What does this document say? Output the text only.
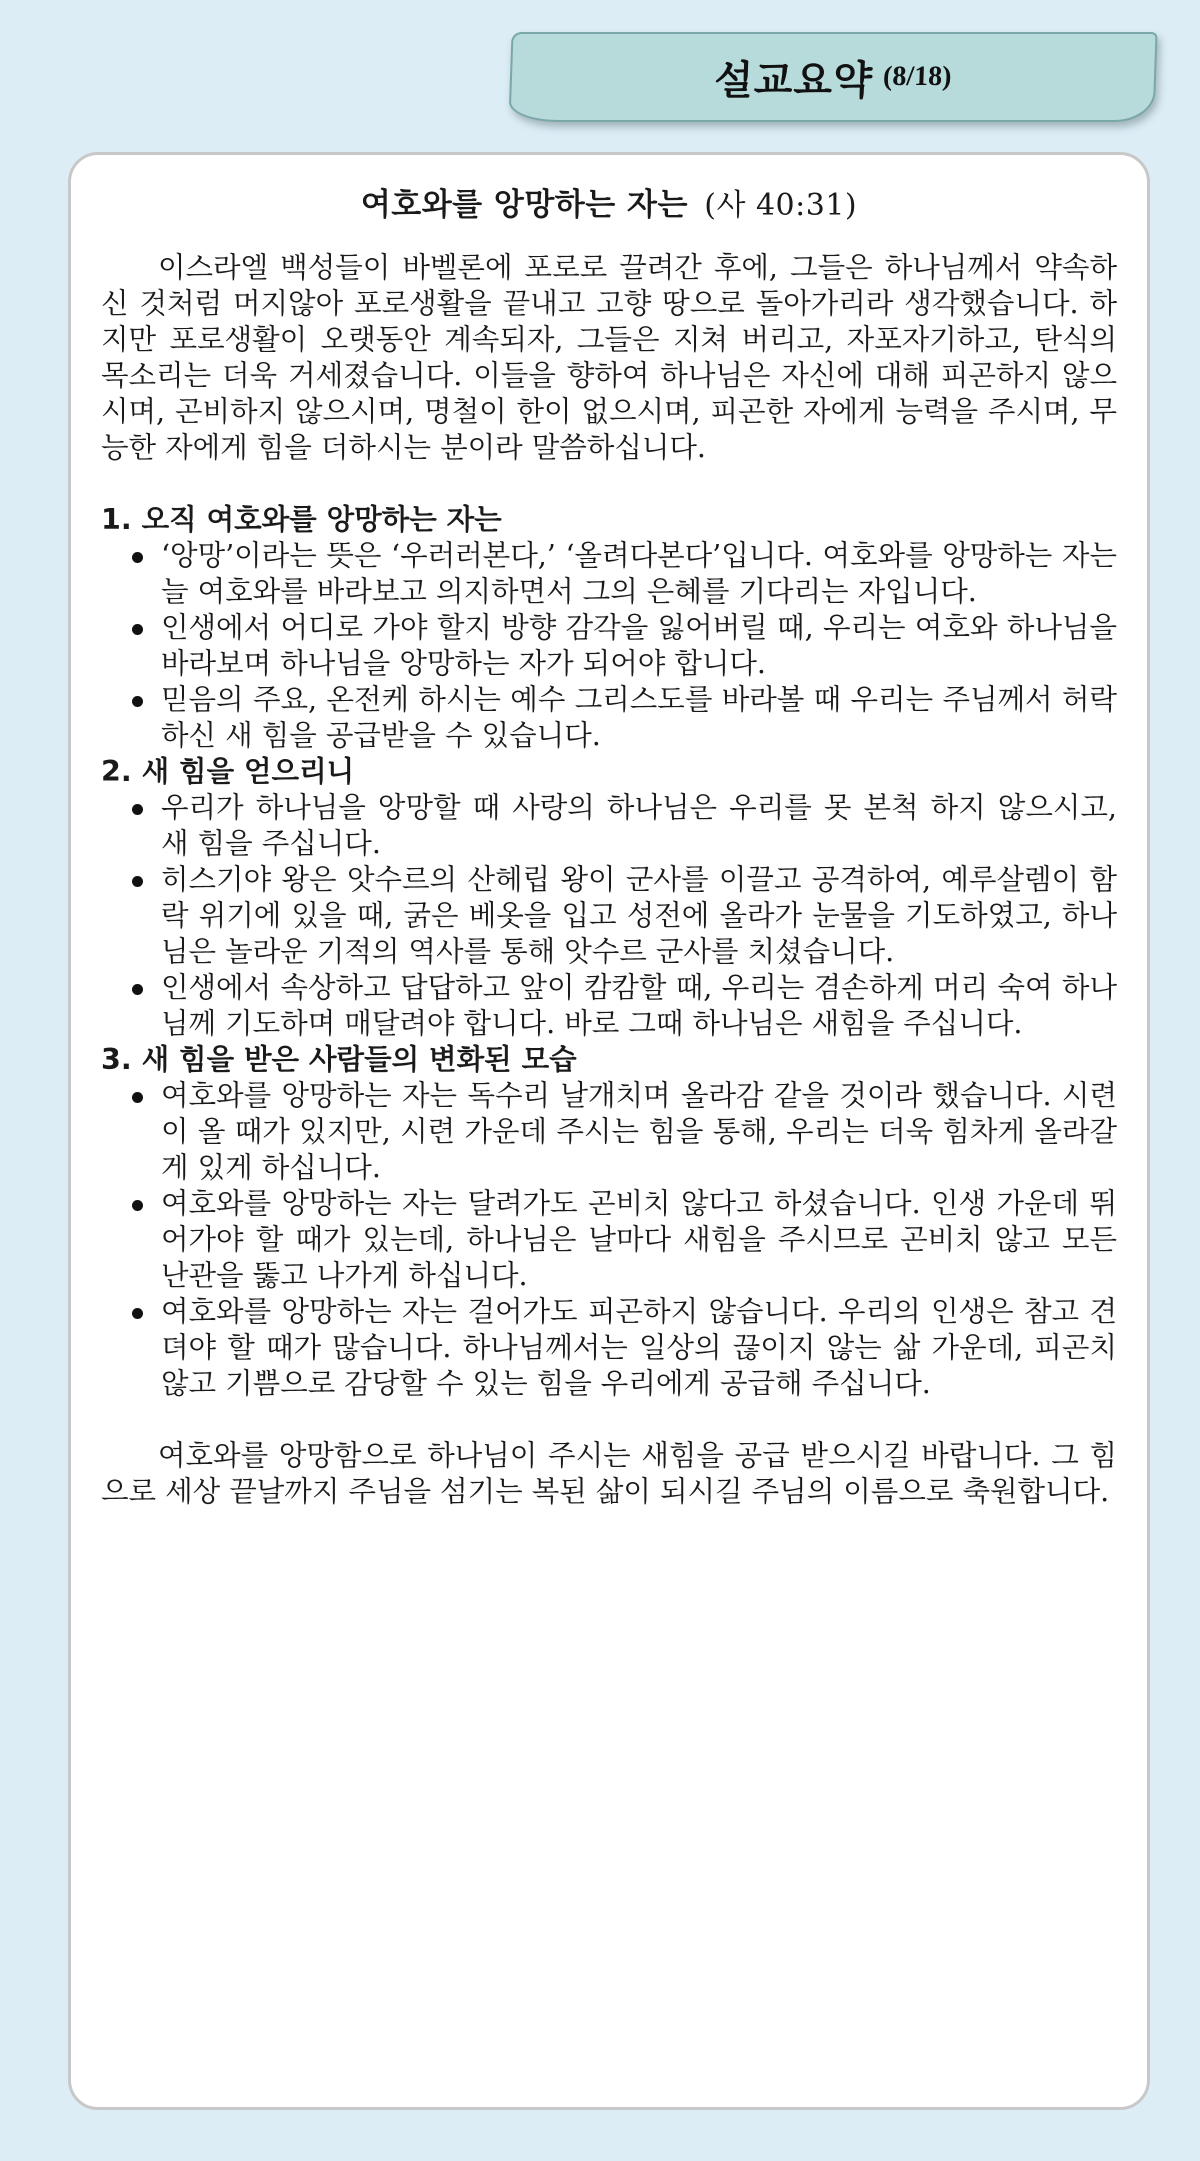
설교요약 (8/18)
여호와를 앙망하는 자는 (사 40:31)

이스라엘 백성들이 바벨론에 포로로 끌려간 후에, 그들은 하나님께서 약속하신 것처럼 머지않아 포로생활을 끝내고 고향 땅으로 돌아가리라 생각했습니다. 하지만 포로생활이 오랫동안 계속되자, 그들은 지쳐 버리고, 자포자기하고, 탄식의 목소리는 더욱 거세졌습니다. 이들을 향하여 하나님은 자신에 대해 피곤하지 않으시며, 곤비하지 않으시며, 명철이 한이 없으시며, 피곤한 자에게 능력을 주시며, 무능한 자에게 힘을 더하시는 분이라 말씀하십니다.

1. 오직 여호와를 앙망하는 자는

‘앙망’이라는 뜻은 ‘우러러본다,’ ‘올려다본다’입니다. 여호와를 앙망하는 자는 늘 여호와를 바라보고 의지하면서 그의 은혜를 기다리는 자입니다.
인생에서 어디로 가야 할지 방향 감각을 잃어버릴 때, 우리는 여호와 하나님을 바라보며 하나님을 앙망하는 자가 되어야 합니다.
믿음의 주요, 온전케 하시는 예수 그리스도를 바라볼 때 우리는 주님께서 허락하신 새 힘을 공급받을 수 있습니다.

2. 새 힘을 얻으리니

우리가 하나님을 앙망할 때 사랑의 하나님은 우리를 못 본척 하지 않으시고, 새 힘을 주십니다.
히스기야 왕은 앗수르의 산헤립 왕이 군사를 이끌고 공격하여, 예루살렘이 함락 위기에 있을 때, 굵은 베옷을 입고 성전에 올라가 눈물을 기도하였고, 하나님은 놀라운 기적의 역사를 통해 앗수르 군사를 치셨습니다.
인생에서 속상하고 답답하고 앞이 캄캄할 때, 우리는 겸손하게 머리 숙여 하나님께 기도하며 매달려야 합니다. 바로 그때 하나님은 새힘을 주십니다.

3. 새 힘을 받은 사람들의 변화된 모습

여호와를 앙망하는 자는 독수리 날개치며 올라감 같을 것이라 했습니다. 시련이 올 때가 있지만, 시련 가운데 주시는 힘을 통해, 우리는 더욱 힘차게 올라갈게 있게 하십니다.
여호와를 앙망하는 자는 달려가도 곤비치 않다고 하셨습니다. 인생 가운데 뛰어가야 할 때가 있는데, 하나님은 날마다 새힘을 주시므로 곤비치 않고 모든 난관을 뚫고 나가게 하십니다.
여호와를 앙망하는 자는 걸어가도 피곤하지 않습니다. 우리의 인생은 참고 견뎌야 할 때가 많습니다. 하나님께서는 일상의 끊이지 않는 삶 가운데, 피곤치 않고 기쁨으로 감당할 수 있는 힘을 우리에게 공급해 주십니다.

여호와를 앙망함으로 하나님이 주시는 새힘을 공급 받으시길 바랍니다. 그 힘으로 세상 끝날까지 주님을 섬기는 복된 삶이 되시길 주님의 이름으로 축원합니다.
